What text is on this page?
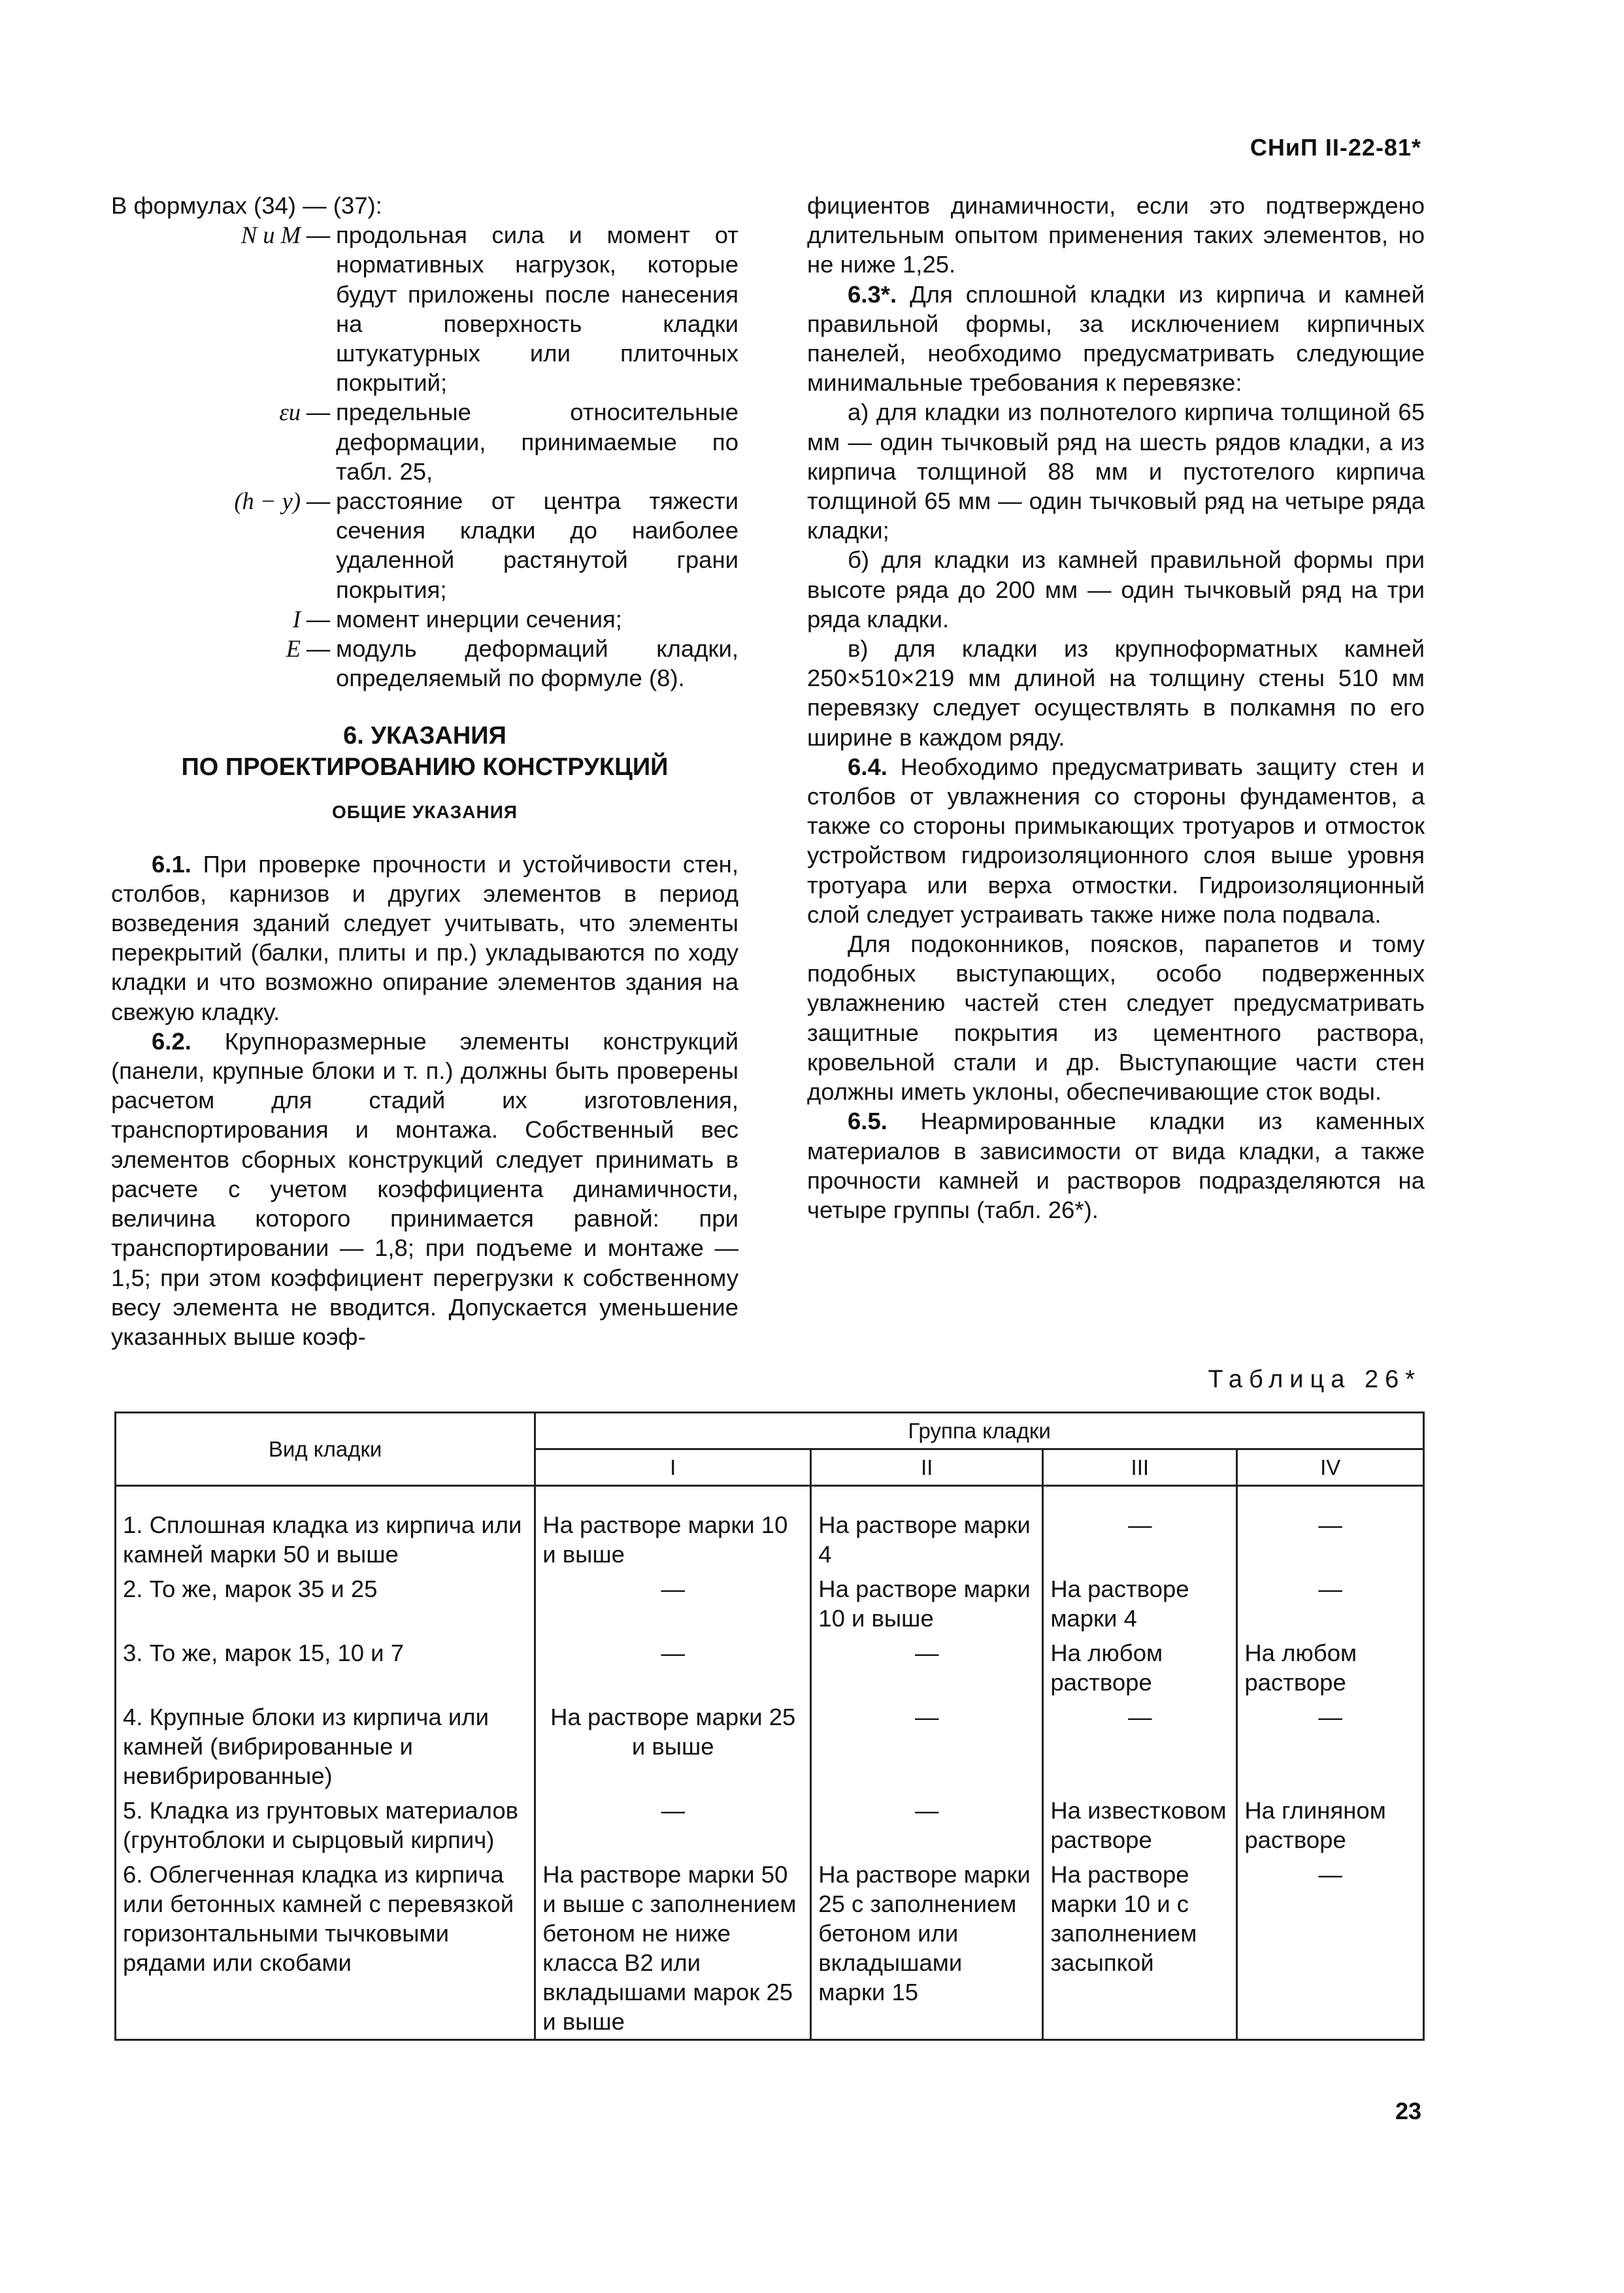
СНиП II-22-81*

В формулах (34) — (37):

N и M — продольная сила и момент от нормативных нагрузок, которые будут приложены после нанесения на поверхность кладки штукатурных или плиточных покрытий;
εu — предельные относительные деформации, принимаемые по табл. 25,
(h − y) — расстояние от центра тяжести сечения кладки до наиболее удаленной растянутой грани покрытия;
I — момент инерции сечения;
E — модуль деформаций кладки, определяемый по формуле (8).
6. УКАЗАНИЯ
ПО ПРОЕКТИРОВАНИЮ КОНСТРУКЦИЙ
ОБЩИЕ УКАЗАНИЯ

6.1. При проверке прочности и устойчивости стен, столбов, карнизов и других элементов в период возведения зданий следует учитывать, что элементы перекрытий (балки, плиты и пр.) укладываются по ходу кладки и что возможно опирание элементов здания на свежую кладку.

6.2. Крупноразмерные элементы конструкций (панели, крупные блоки и т. п.) должны быть проверены расчетом для стадий их изготовления, транспортирования и монтажа. Собственный вес элементов сборных конструкций следует принимать в расчете с учетом коэффициента динамичности, величина которого принимается равной: при транспортировании — 1,8; при подъеме и монтаже — 1,5; при этом коэффициент перегрузки к собственному весу элемента не вводится. Допускается уменьшение указанных выше коэф-

фициентов динамичности, если это подтверждено длительным опытом применения таких элементов, но не ниже 1,25.

6.3*. Для сплошной кладки из кирпича и камней правильной формы, за исключением кирпичных панелей, необходимо предусматривать следующие минимальные требования к перевязке:

а) для кладки из полнотелого кирпича толщиной 65 мм — один тычковый ряд на шесть рядов кладки, а из кирпича толщиной 88 мм и пустотелого кирпича толщиной 65 мм — один тычковый ряд на четыре ряда кладки;

б) для кладки из камней правильной формы при высоте ряда до 200 мм — один тычковый ряд на три ряда кладки.

в) для кладки из крупноформатных камней 250×510×219 мм длиной на толщину стены 510 мм перевязку следует осуществлять в полкамня по его ширине в каждом ряду.

6.4. Необходимо предусматривать защиту стен и столбов от увлажнения со стороны фундаментов, а также со стороны примыкающих тротуаров и отмосток устройством гидроизоляционного слоя выше уровня тротуара или верха отмостки. Гидроизоляционный слой следует устраивать также ниже пола подвала.

Для подоконников, поясков, парапетов и тому подобных выступающих, особо подверженных увлажнению частей стен следует предусматривать защитные покрытия из цементного раствора, кровельной стали и др. Выступающие части стен должны иметь уклоны, обеспечивающие сток воды.

6.5. Неармированные кладки из каменных материалов в зависимости от вида кладки, а также прочности камней и растворов подразделяются на четыре группы (табл. 26*).

Таблица 26*
Вид кладки	Группа кладки			
	I	II	III	IV
1. Сплошная кладка из кирпича или камней марки 50 и выше	На растворе марки 10 и выше	На растворе марки 4	—	—
2. То же, марок 35 и 25	—	На растворе марки 10 и выше	На растворе марки 4	—
3. То же, марок 15, 10 и 7	—	—	На любом растворе	На любом растворе
4. Крупные блоки из кирпича или камней (вибрированные и невибрированные)	На растворе марки 25 и выше	—	—	—
5. Кладка из грунтовых материалов (грунтоблоки и сырцовый кирпич)	—	—	На известковом растворе	На глиняном растворе
6. Облегченная кладка из кирпича или бетонных камней с перевязкой горизонтальными тычковыми рядами или скобами	На растворе марки 50 и выше с заполнением бетоном не ниже класса В2 или вкладышами марок 25 и выше	На растворе марки 25 с заполнением бетоном или вкладышами марки 15	На растворе марки 10 и с заполнением засыпкой	—
23
